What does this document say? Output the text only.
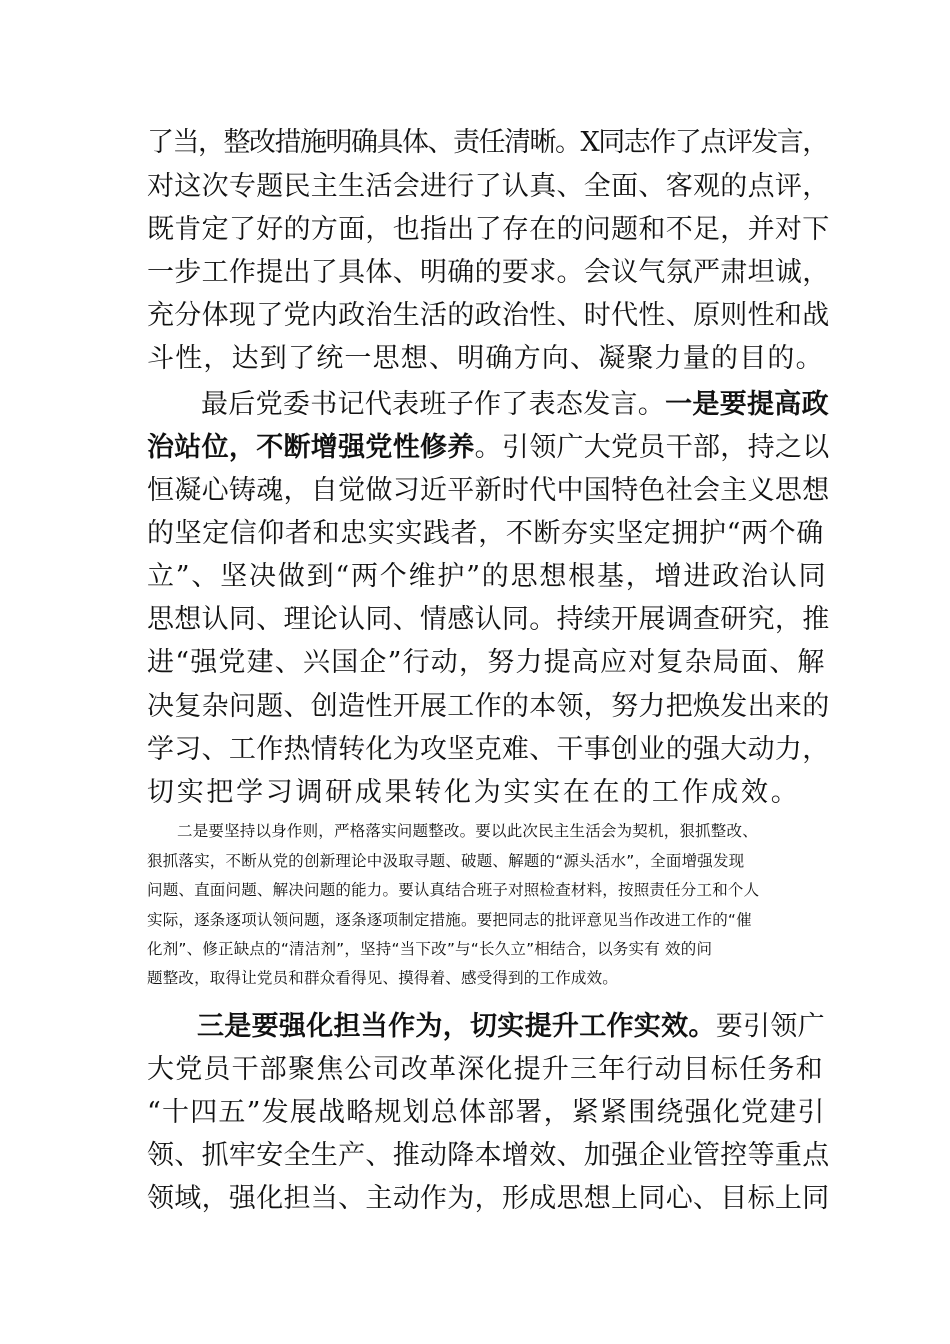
了当，整改措施明确具体、责任清晰。X同志作了点评发言，
对这次专题民主生活会进行了认真、全面、客观的点评，
既肯定了好的方面，也指出了存在的问题和不足，并对下
一步工作提出了具体、明确的要求。会议气氛严肃坦诚，
充分体现了党内政治生活的政治性、时代性、原则性和战
斗性，达到了统一思想、明确方向、凝聚力量的目的。
最后党委书记代表班子作了表态发言。一是要提高政
治站位，不断增强党性修养。引领广大党员干部，持之以
恒凝心铸魂，自觉做习近平新时代中国特色社会主义思想
的坚定信仰者和忠实实践者，不断夯实坚定拥护“两个确
立”、坚决做到“两个维护”的思想根基，增进政治认同
思想认同、理论认同、情感认同。持续开展调查研究，推
进“强党建、兴国企”行动，努力提高应对复杂局面、解
决复杂问题、创造性开展工作的本领，努力把焕发出来的
学习、工作热情转化为攻坚克难、干事创业的强大动力，
切实把学习调研成果转化为实实在在的工作成效。
二是要坚持以身作则，严格落实问题整改。要以此次民主生活会为契机，狠抓整改、
狠抓落实，不断从党的创新理论中汲取寻题、破题、解题的“源头活水”，全面增强发现
问题、直面问题、解决问题的能力。要认真结合班子对照检查材料，按照责任分工和个人
实际，逐条逐项认领问题，逐条逐项制定措施。要把同志的批评意见当作改进工作的“催
化剂”、修正缺点的“清洁剂”，坚持“当下改”与“长久立”相结合，以务实有 效的问
题整改，取得让党员和群众看得见、摸得着、感受得到的工作成效。
三是要强化担当作为，切实提升工作实效。要引领广
大党员干部聚焦公司改革深化提升三年行动目标任务和
“十四五”发展战略规划总体部署，紧紧围绕强化党建引
领、抓牢安全生产、推动降本增效、加强企业管控等重点
领域，强化担当、主动作为，形成思想上同心、目标上同
